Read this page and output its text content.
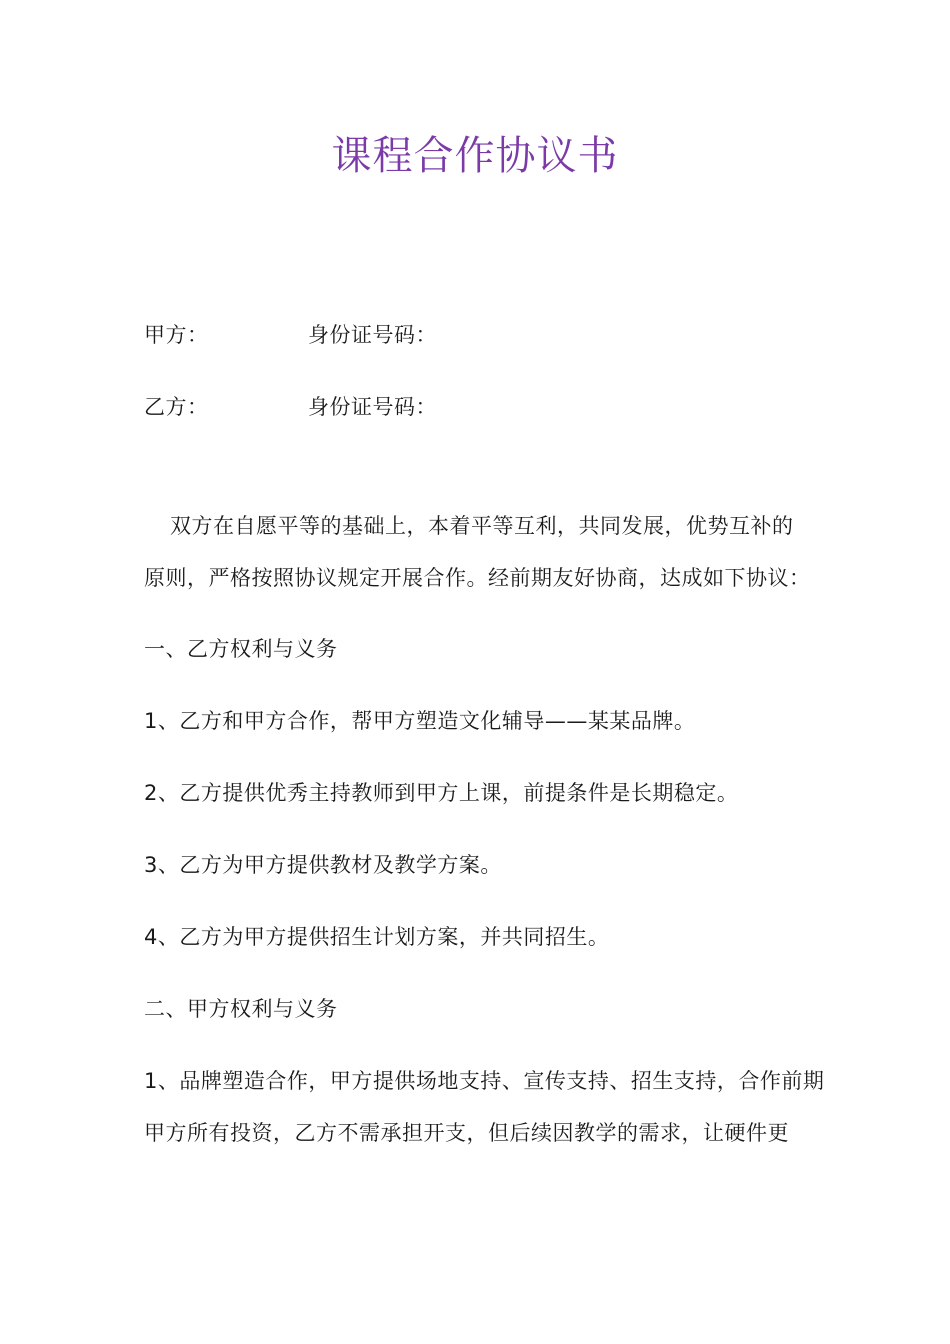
课程合作协议书
甲方：	身份证号码：
乙方：	身份证号码：
双方在自愿平等的基础上，本着平等互利，共同发展，优势互补的
原则，严格按照协议规定开展合作。经前期友好协商，达成如下协议：
一、乙方权利与义务
1、乙方和甲方合作，帮甲方塑造文化辅导——某某品牌。
2、乙方提供优秀主持教师到甲方上课，前提条件是长期稳定。
3、乙方为甲方提供教材及教学方案。
4、乙方为甲方提供招生计划方案，并共同招生。
二、甲方权利与义务
1、品牌塑造合作，甲方提供场地支持、宣传支持、招生支持，合作前期
甲方所有投资，乙方不需承担开支，但后续因教学的需求，让硬件更
